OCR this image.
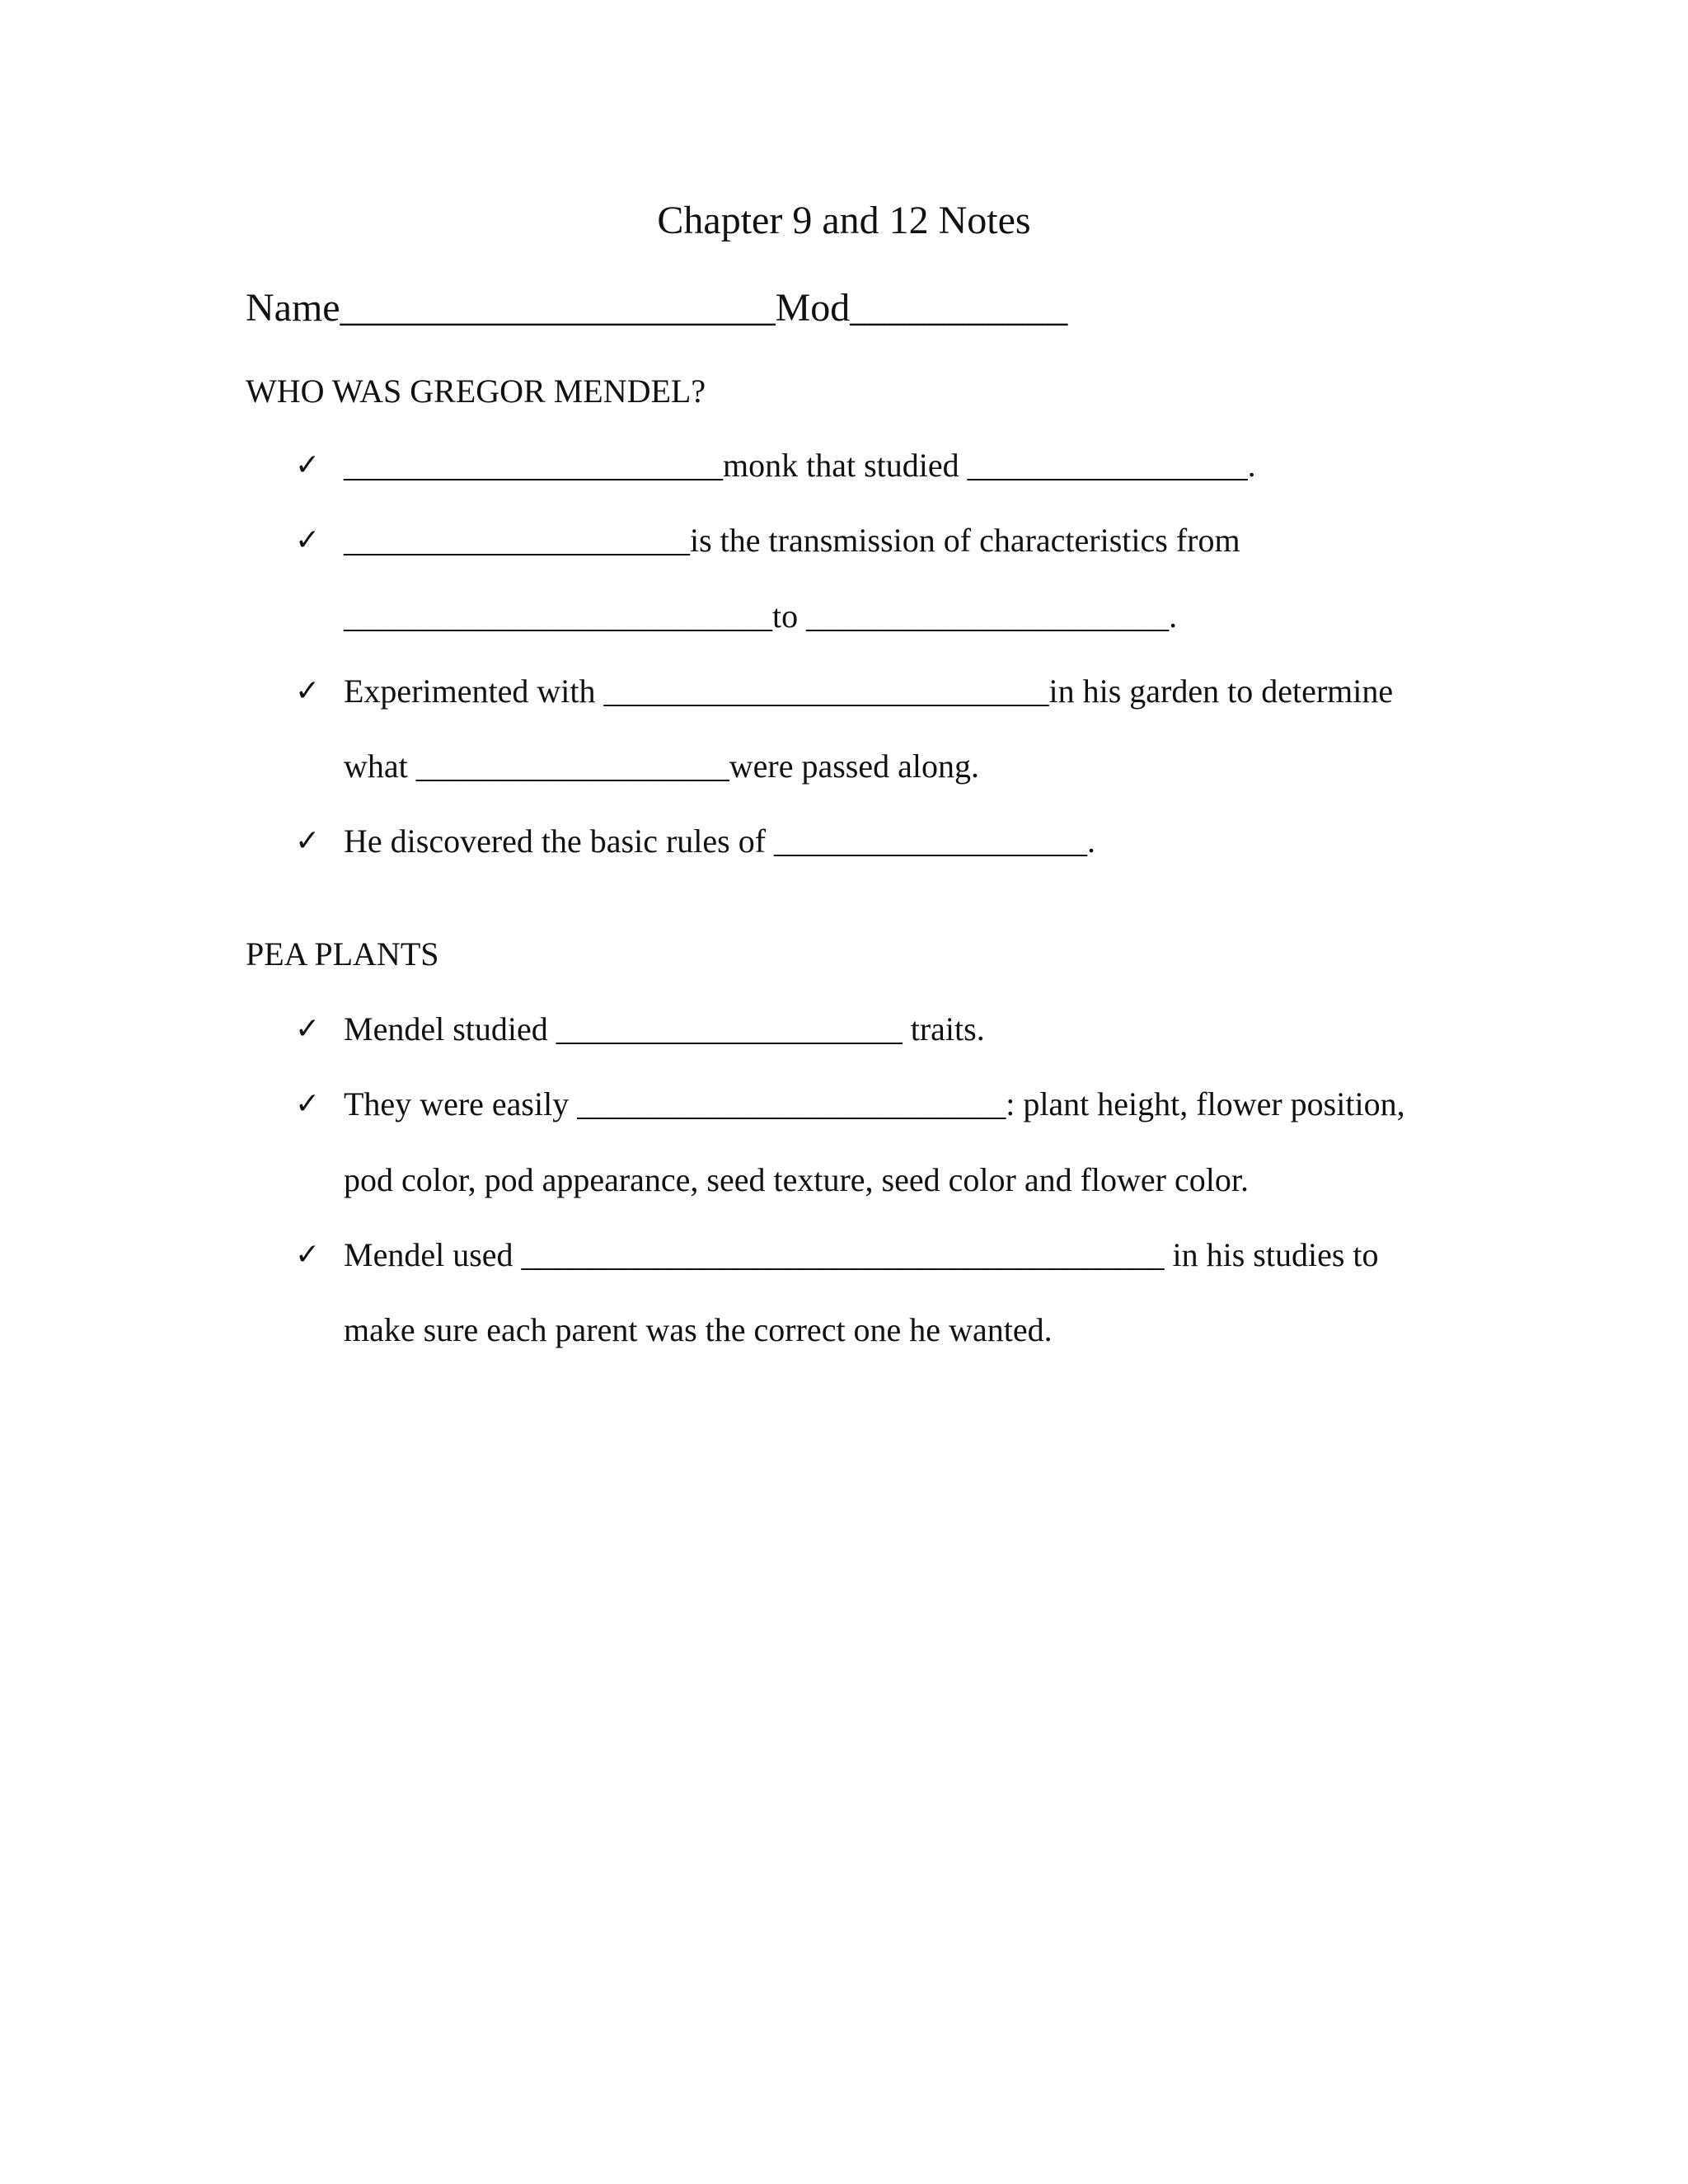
Chapter 9 and 12 Notes
Name______________________Mod___________
WHO WAS GREGOR MENDEL?
✓ _______________________monk that studied _________________.
✓ _____________________is the transmission of characteristics from
__________________________to ______________________.
✓ Experimented with ___________________________in his garden to determine
what ___________________were passed along.
✓ He discovered the basic rules of ___________________.
PEA PLANTS
✓ Mendel studied _____________________ traits.
✓ They were easily __________________________: plant height, flower position,
pod color, pod appearance, seed texture, seed color and flower color.
✓ Mendel used _______________________________________ in his studies to
make sure each parent was the correct one he wanted.
